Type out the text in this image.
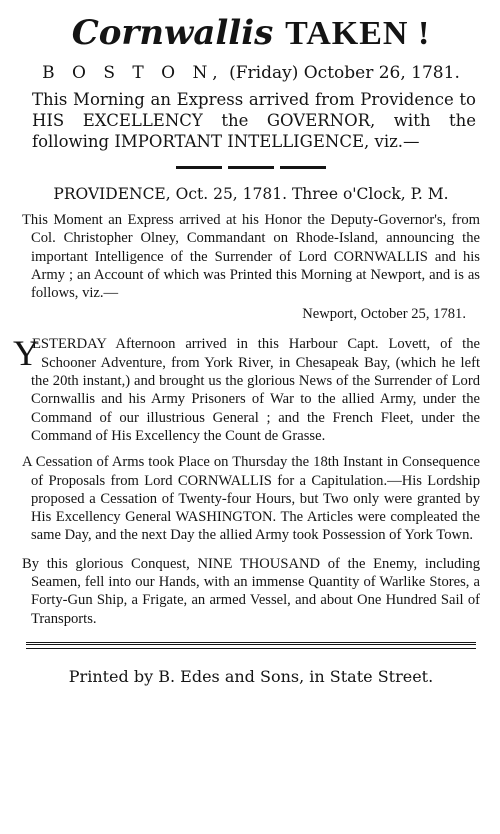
Cornwallis TAKEN !
B O S T O N, (Friday) October 26, 1781.
This Morning an Express arrived from Providence to HIS EXCELLENCY the GOVERNOR, with the following IMPORTANT INTELLIGENCE, viz.—
PROVIDENCE, Oct. 25, 1781. Three o'Clock, P. M.

This Moment an Express arrived at his Honor the Deputy-Governor's, from Col. Christopher Olney, Commandant on Rhode-Island, announcing the important Intelligence of the Surrender of Lord CORNWALLIS and his Army ; an Account of which was Printed this Morning at Newport, and is as follows, viz.—

Newport, October 25, 1781.

Y
ESTERDAY Afternoon arrived in this Harbour Capt. Lovett, of the Schooner Adventure, from York River, in Chesapeak Bay, (which he left the 20th instant,) and brought us the glorious News of the Surrender of Lord Cornwallis and his Army Prisoners of War to the allied Army, under the Command of our illustrious General ; and the French Fleet, under the Command of His Excellency the Count de Grasse.

A Cessation of Arms took Place on Thursday the 18th Instant in Consequence of Proposals from Lord CORNWALLIS for a Capitulation.—His Lordship proposed a Cessation of Twenty-four Hours, but Two only were granted by His Excellency General WASHINGTON. The Articles were compleated the same Day, and the next Day the allied Army took Possession of York Town.

By this glorious Conquest, NINE THOUSAND of the Enemy, including Seamen, fell into our Hands, with an immense Quantity of Warlike Stores, a Forty-Gun Ship, a Frigate, an armed Vessel, and about One Hundred Sail of Transports.

Printed by B. Edes and Sons, in State Street.
